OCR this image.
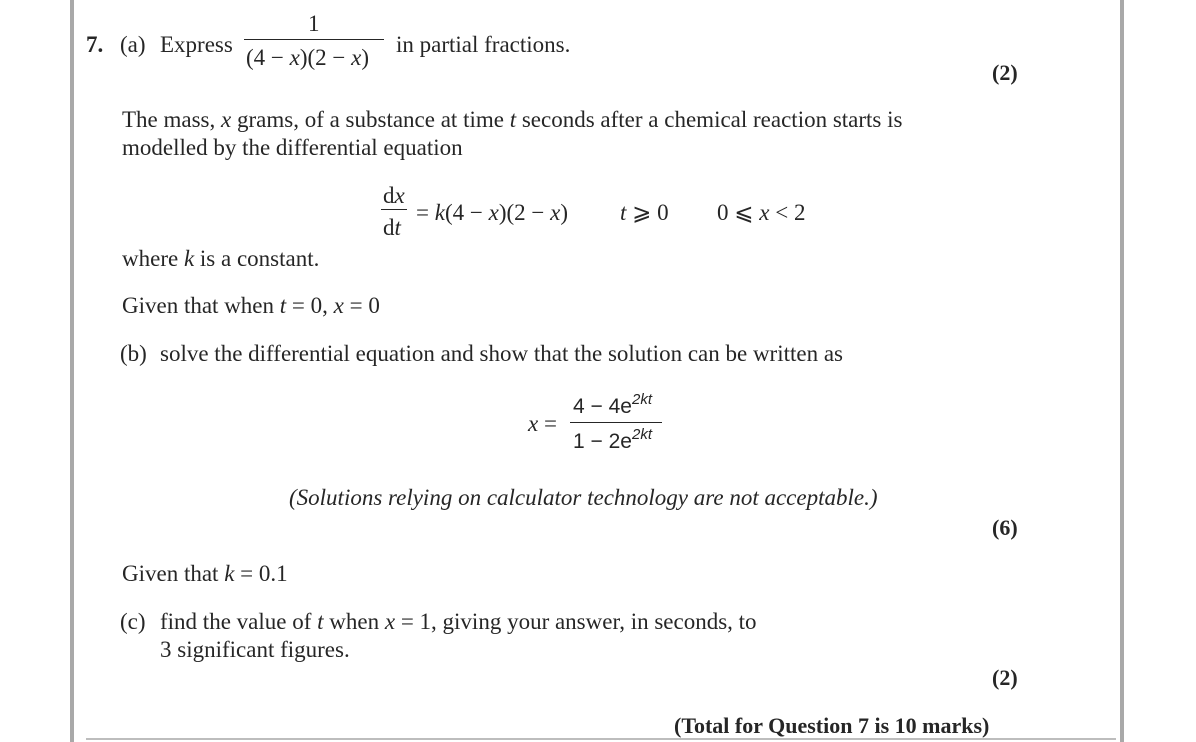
7. (a) Express
1
(4 − x)(2 − x)
in partial fractions.
(2)
The mass, x grams, of a substance at time t seconds after a chemical reaction starts is
modelled by the differential equation
dx
dt
= k(4 − x)(2 − x) t ⩾ 0 0 ⩽ x < 2
where k is a constant.
Given that when t = 0, x = 0
(b) solve the differential equation and show that the solution can be written as
x =
$4 - 4e^{2kt}$
$1 - 2e^{2kt}$
(Solutions relying on calculator technology are not acceptable.)
(6)
Given that k = 0.1
(c) find the value of t when x = 1, giving your answer, in seconds, to
3 significant figures.
(2)
(Total for Question 7 is 10 marks)
